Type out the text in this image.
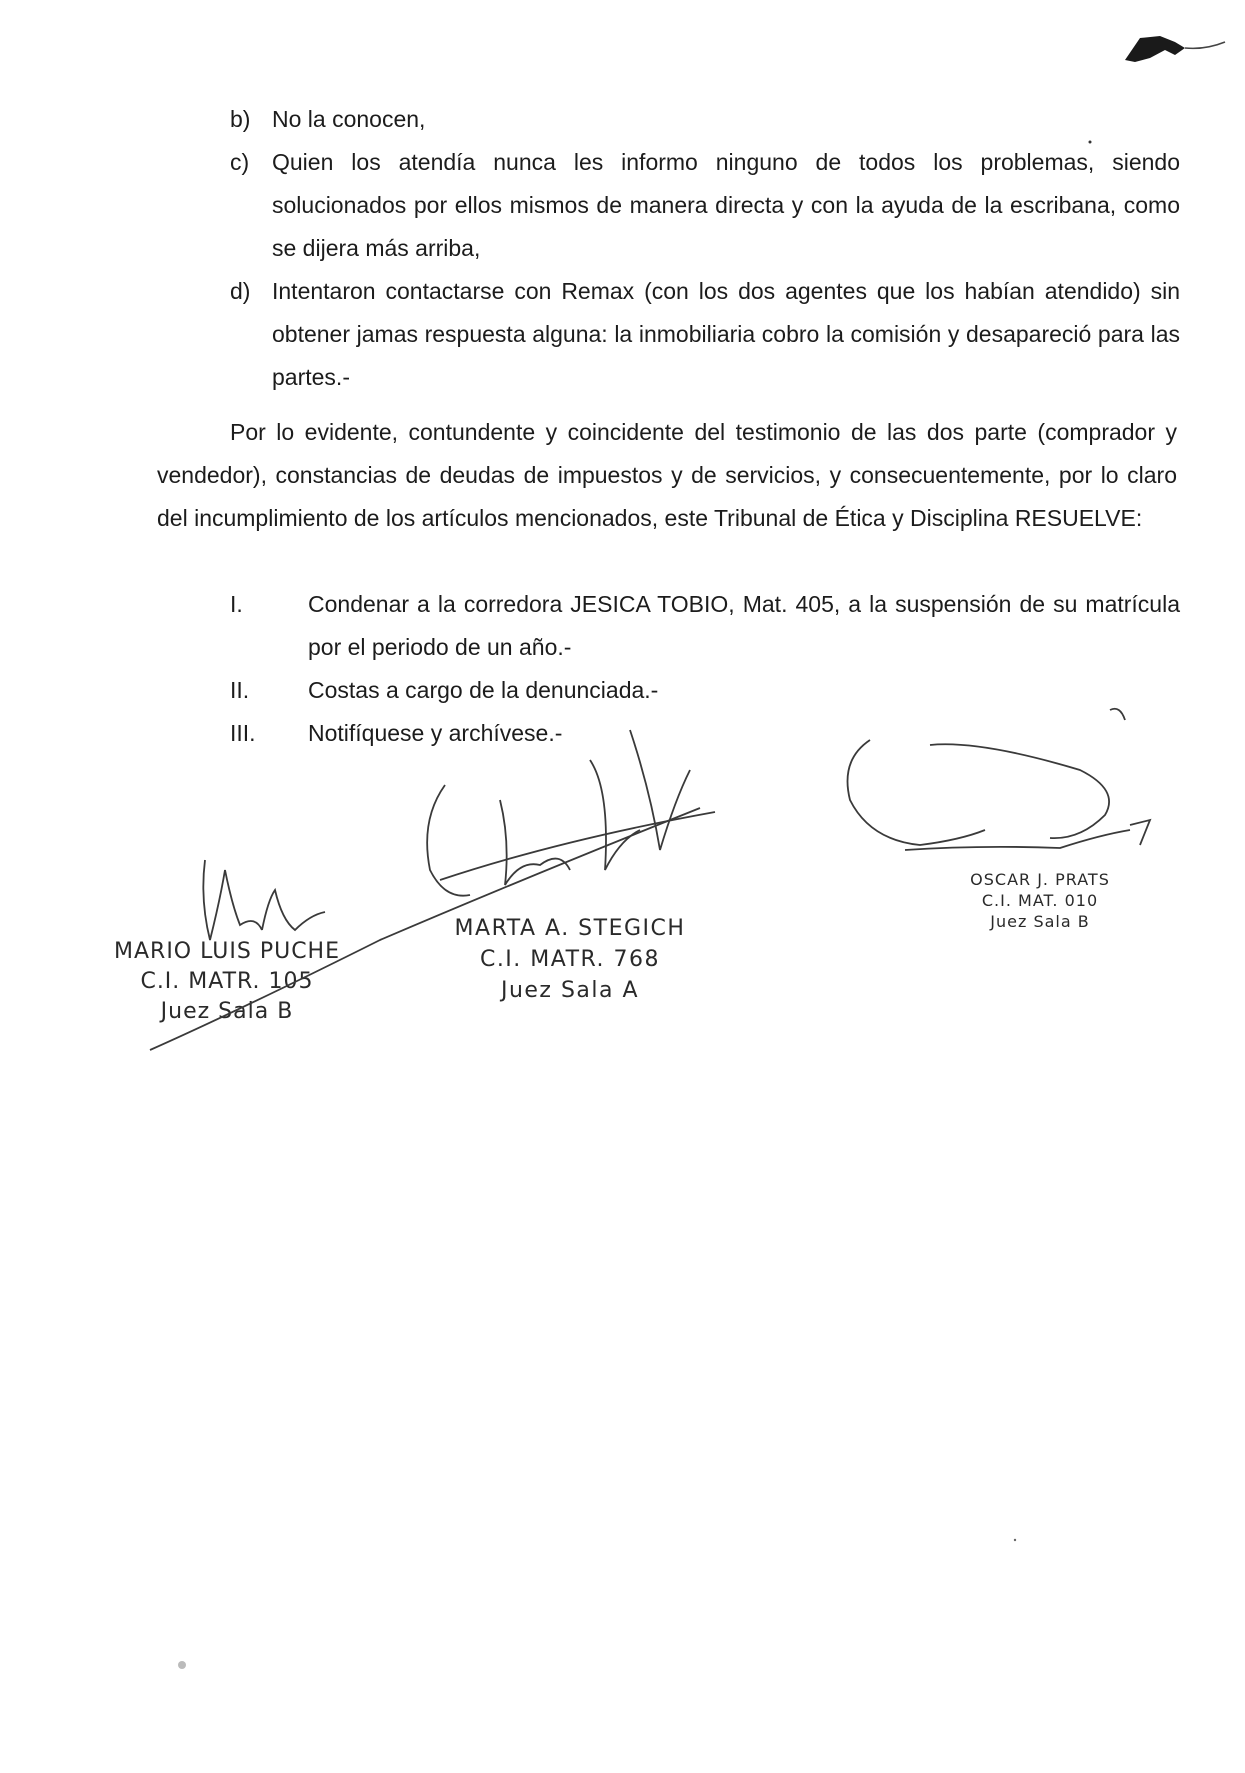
b) No la conocen,
c) Quien los atendía nunca les informo ninguno de todos los problemas, siendo solucionados por ellos mismos de manera directa y con la ayuda de la escribana, como se dijera más arriba,
d) Intentaron contactarse con Remax (con los dos agentes que los habían atendido) sin obtener jamas respuesta alguna: la inmobiliaria cobro la comisión y desapareció para las partes.-
Por lo evidente, contundente y coincidente del testimonio de las dos parte (comprador y vendedor), constancias de deudas de impuestos y de servicios, y consecuentemente, por lo claro del incumplimiento de los artículos mencionados, este Tribunal de Ética y Disciplina RESUELVE:
I.	Condenar a la corredora JESICA TOBIO, Mat. 405, a la suspensión de su matrícula por el periodo de un año.-
II.	Costas a cargo de la denunciada.-
III. Notifíquese y archívese.-
MARIO LUIS PUCHE
C.I. MATR. 105
Juez Sala B
MARTA A. STEGICH
C.I. MATR. 768
Juez Sala A
OSCAR J. PRATS
C.I. MAT. 010
Juez Sala B
